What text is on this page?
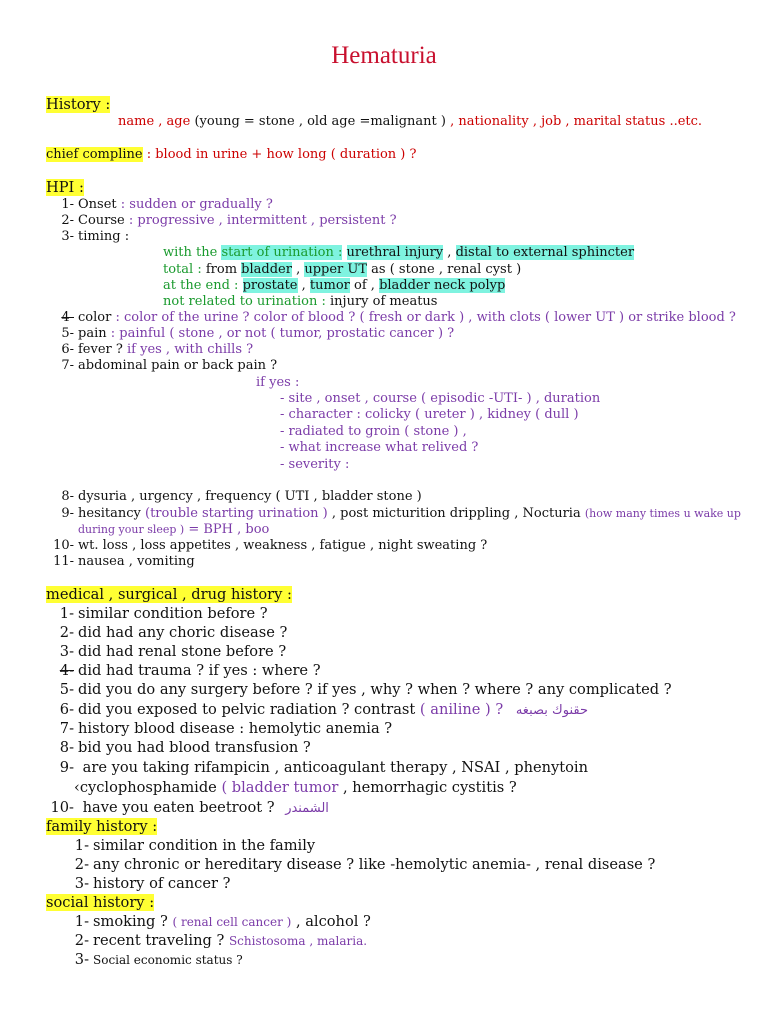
Hematuria
History :
name , age (young = stone , old age =malignant ) , nationality , job , marital status ..etc.
chief compline : blood in urine + how long ( duration ) ?
HPI :
1- Onset : sudden or gradually ?
2- Course : progressive , intermittent , persistent ?
3- timing :
with the start of urination : urethral injury , distal to external sphincter
total : from bladder , upper UT as ( stone , renal cyst )
at the end : prostate , tumor of , bladder neck polyp
not related to urination : injury of meatus
4- color : color of the urine ? color of blood ? ( fresh or dark ) , with clots ( lower UT ) or strike blood ?
5- pain : painful ( stone , or not ( tumor, prostatic cancer ) ?
6- fever ? if yes , with chills ?
7- abdominal pain or back pain ?
if yes :
- site , onset , course ( episodic -UTI- ) , duration
- character : colicky ( ureter ) , kidney ( dull )
- radiated to groin ( stone ) ,
- what increase what relived ?
- severity :
8- dysuria , urgency , frequency ( UTI , bladder stone )
9- hesitancy (trouble starting urination ) , post micturition drippling , Nocturia (how many times u wake up
during your sleep ) = BPH , boo
10- wt. loss , loss appetites , weakness , fatigue , night sweating ?
11- nausea , vomiting
medical , surgical , drug history :
1- similar condition before ?
2- did had any choric disease ?
3- did had renal stone before ?
4- did had trauma ? if yes : where ?
5- did you do any surgery before ? if yes , why ? when ? where ? any complicated ?
6- did you exposed to pelvic radiation ? contrast ( aniline ) ? حقنوك بصبغه
7- history blood disease : hemolytic anemia ?
8- bid you had blood transfusion ?
9- are you taking rifampicin , anticoagulant therapy , NSAI , phenytoin
‹cyclophosphamide ( bladder tumor , hemorrhagic cystitis ?
10- have you eaten beetroot ? الشمندر
family history :
1- similar condition in the family
2- any chronic or hereditary disease ? like -hemolytic anemia- , renal disease ?
3- history of cancer ?
social history :
1- smoking ? ( renal cell cancer ) , alcohol ?
2- recent traveling ? Schistosoma , malaria.
3- Social economic status ?
